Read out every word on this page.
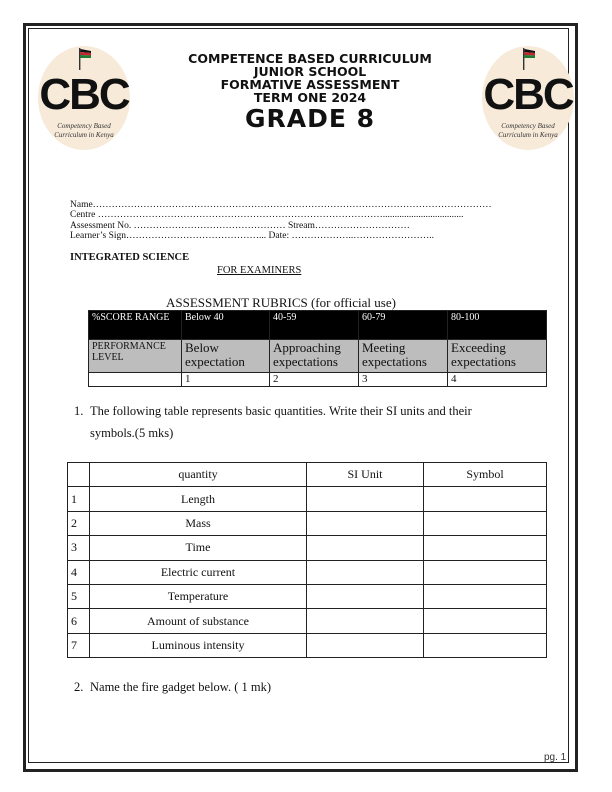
CBC
Competency Based Curriculum in Kenya
CBC
Competency Based Curriculum in Kenya
COMPETENCE BASED CURRICULUM
JUNIOR SCHOOL
FORMATIVE ASSESSMENT
TERM ONE 2024
GRADE 8
Name………………………………………………………………………………………………………………
Centre ………………………………………………………………………………..................................
Assessment No. ………………………………………… Stream…………………………
Learner’s Sign……………………………………... Date: ………………..……………………..
INTEGRATED SCIENCE
FOR EXAMINERS
ASSESSMENT RUBRICS (for official use)
%SCORE RANGE	Below 40	40-59	60-79	80-100
PERFORMANCE LEVEL	Below expectation	Approaching expectations	Meeting expectations	Exceeding expectations
	1	2	3	4
1. The following table represents basic quantities. Write their SI units and their
symbols.(5 mks)
	quantity	SI Unit	Symbol
1	Length		
2	Mass		
3	Time		
4	Electric current		
5	Temperature		
6	Amount of substance		
7	Luminous intensity		
2. Name the fire gadget below. ( 1 mk)
pg. 1
